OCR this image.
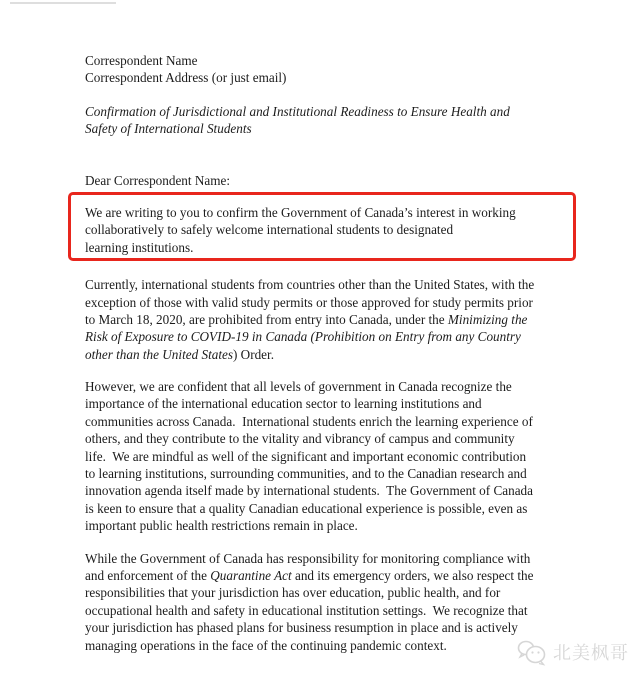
Correspondent Name
Correspondent Address (or just email)
Confirmation of Jurisdictional and Institutional Readiness to Ensure Health and
Safety of International Students
Dear Correspondent Name:
We are writing to you to confirm the Government of Canada’s interest in working
collaboratively to safely welcome international students to designated
learning institutions.
Currently, international students from countries other than the United States, with the
exception of those with valid study permits or those approved for study permits prior
to March 18, 2020, are prohibited from entry into Canada, under the Minimizing the
Risk of Exposure to COVID-19 in Canada (Prohibition on Entry from any Country
other than the United States) Order.
However, we are confident that all levels of government in Canada recognize the
importance of the international education sector to learning institutions and
communities across Canada.  International students enrich the learning experience of
others, and they contribute to the vitality and vibrancy of campus and community
life.  We are mindful as well of the significant and important economic contribution
to learning institutions, surrounding communities, and to the Canadian research and
innovation agenda itself made by international students.  The Government of Canada
is keen to ensure that a quality Canadian educational experience is possible, even as
important public health restrictions remain in place.
While the Government of Canada has responsibility for monitoring compliance with
and enforcement of the Quarantine Act and its emergency orders, we also respect the
responsibilities that your jurisdiction has over education, public health, and for
occupational health and safety in educational institution settings.  We recognize that
your jurisdiction has phased plans for business resumption in place and is actively
managing operations in the face of the continuing pandemic context.	北美枫哥
